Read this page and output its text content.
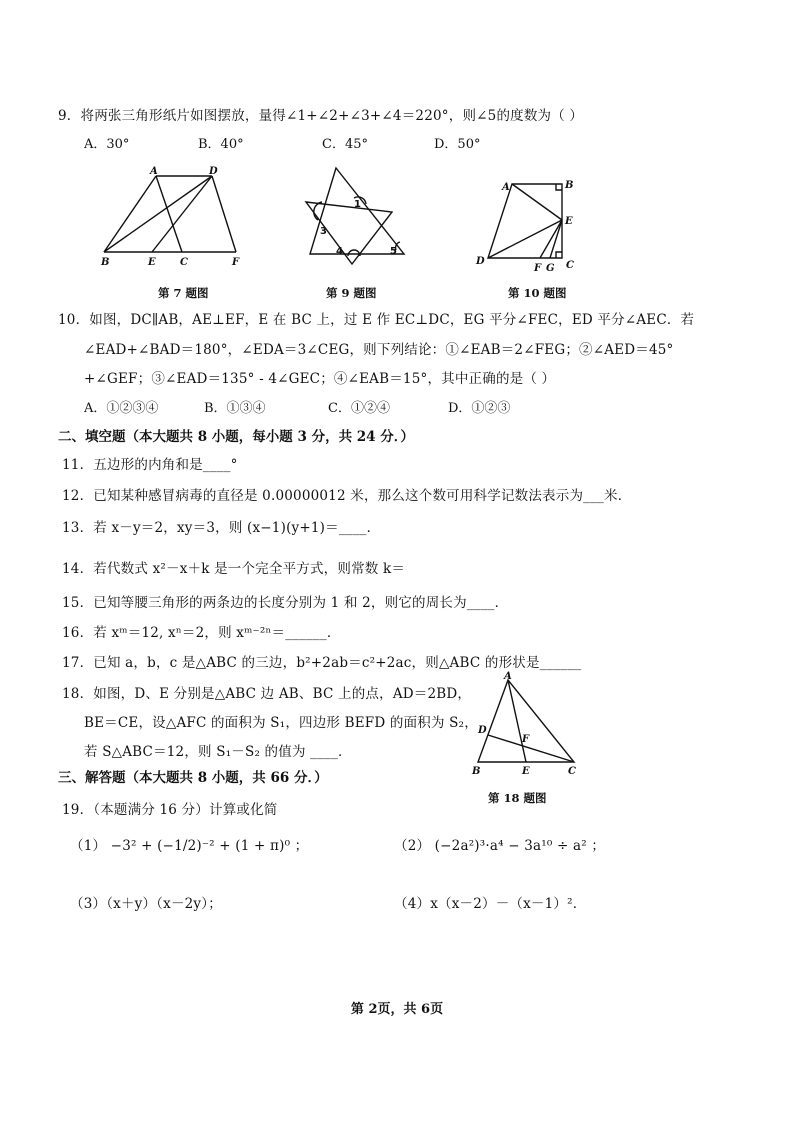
9．将两张三角形纸片如图摆放，量得∠1+∠2+∠3+∠4＝220°，则∠5的度数为（ ）
A．30°	B．40°	C．45°	D．50°
A	D
B	E C	F
第 7 题图
1
3
4	5
第 9 题图
A	B
E
D
F G C
第 10 题图
10．如图，DC∥AB，AE⊥EF，E 在 BC 上，过 E 作 EC⊥DC，EG 平分∠FEC，ED 平分∠AEC．若
∠EAD+∠BAD＝180°，∠EDA＝3∠CEG，则下列结论：①∠EAB＝2∠FEG；②∠AED＝45°
+∠GEF；③∠EAD＝135° - 4∠GEC；④∠EAB＝15°，其中正确的是（ ）
A．①②③④	B．①③④	C．①②④	D．①②③
二、填空题（本大题共 8 小题，每小题 3 分，共 24 分．）
11．五边形的内角和是____°
12．已知某种感冒病毒的直径是 0.00000012 米，那么这个数可用科学记数法表示为___米．
13．若 x－y＝2，xy＝3，则 (x−1)(y+1)＝____．
14．若代数式 x²－x＋k 是一个完全平方式，则常数 k＝
15．已知等腰三角形的两条边的长度分别为 1 和 2，则它的周长为____．
16．若 xᵐ＝12, xⁿ＝2，则 xᵐ⁻²ⁿ＝______．
17．已知 a，b，c 是△ABC 的三边，b²+2ab＝c²+2ac，则△ABC 的形状是______
18．如图，D、E 分别是△ABC 边 AB、BC 上的点，AD＝2BD，
BE＝CE，设△AFC 的面积为 S₁，四边形 BEFD 的面积为 S₂，
若 S△ABC＝12，则 S₁－S₂ 的值为 ____．
A
D
F
B	E	C
第 18 题图
三、解答题（本大题共 8 小题，共 66 分．）
19．（本题满分 16 分）计算或化简
（1） −3² + (−1/2)⁻² + (1 + π)⁰ ；	（2） (−2a²)³·a⁴ − 3a¹⁰ ÷ a² ；
（3）（x＋y）（x－2y）；	（4）x（x－2）－（x－1）²．
第 2页，共 6页
